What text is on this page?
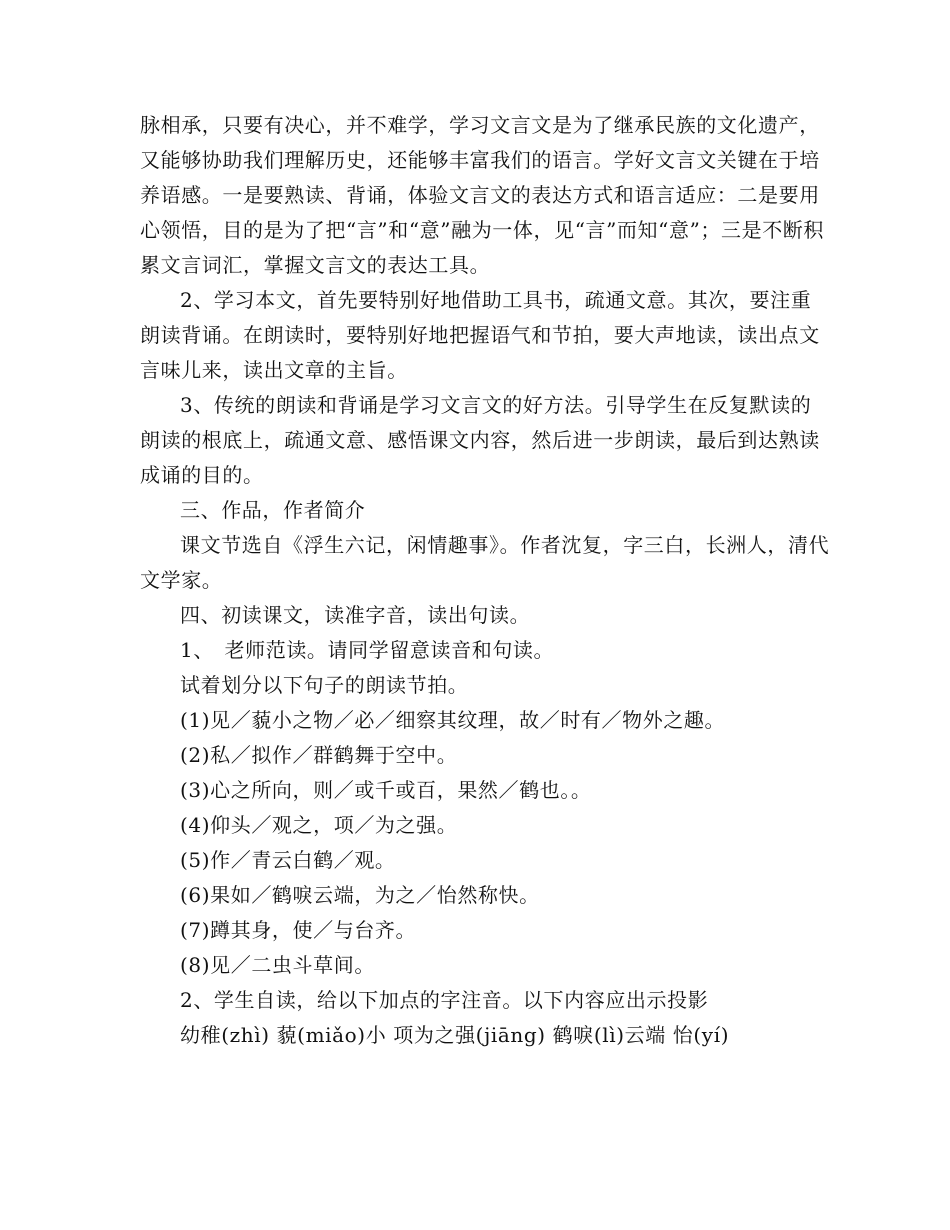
脉相承，只要有决心，并不难学，学习文言文是为了继承民族的文化遗产，又能够协助我们理解历史，还能够丰富我们的语言。学好文言文关键在于培养语感。一是要熟读、背诵，体验文言文的表达方式和语言适应：二是要用心领悟，目的是为了把“言”和“意”融为一体，见“言”而知“意”；三是不断积累文言词汇，掌握文言文的表达工具。

2、学习本文，首先要特别好地借助工具书，疏通文意。其次，要注重朗读背诵。在朗读时，要特别好地把握语气和节拍，要大声地读，读出点文言味儿来，读出文章的主旨。

3、传统的朗读和背诵是学习文言文的好方法。引导学生在反复默读的朗读的根底上，疏通文意、感悟课文内容，然后进一步朗读，最后到达熟读成诵的目的。

三、作品，作者简介

课文节选自《浮生六记，闲情趣事》。作者沈复，字三白，长洲人，清代文学家。

四、初读课文，读准字音，读出句读。

1、　老师范读。请同学留意读音和句读。

试着划分以下句子的朗读节拍。

(1)见／藐小之物／必／细察其纹理，故／时有／物外之趣。

(2)私／拟作／群鹤舞于空中。

(3)心之所向，则／或千或百，果然／鹤也。。

(4)仰头／观之，项／为之强。

(5)作／青云白鹤／观。

(6)果如／鹤唳云端，为之／怡然称快。

(7)蹲其身，使／与台齐。

(8)见／二虫斗草间。

2、学生自读，给以下加点的字注音。以下内容应出示投影

幼稚(zhì) 藐(miǎo)小 项为之强(jiāng) 鹤唳(lì)云端 怡(yí)
